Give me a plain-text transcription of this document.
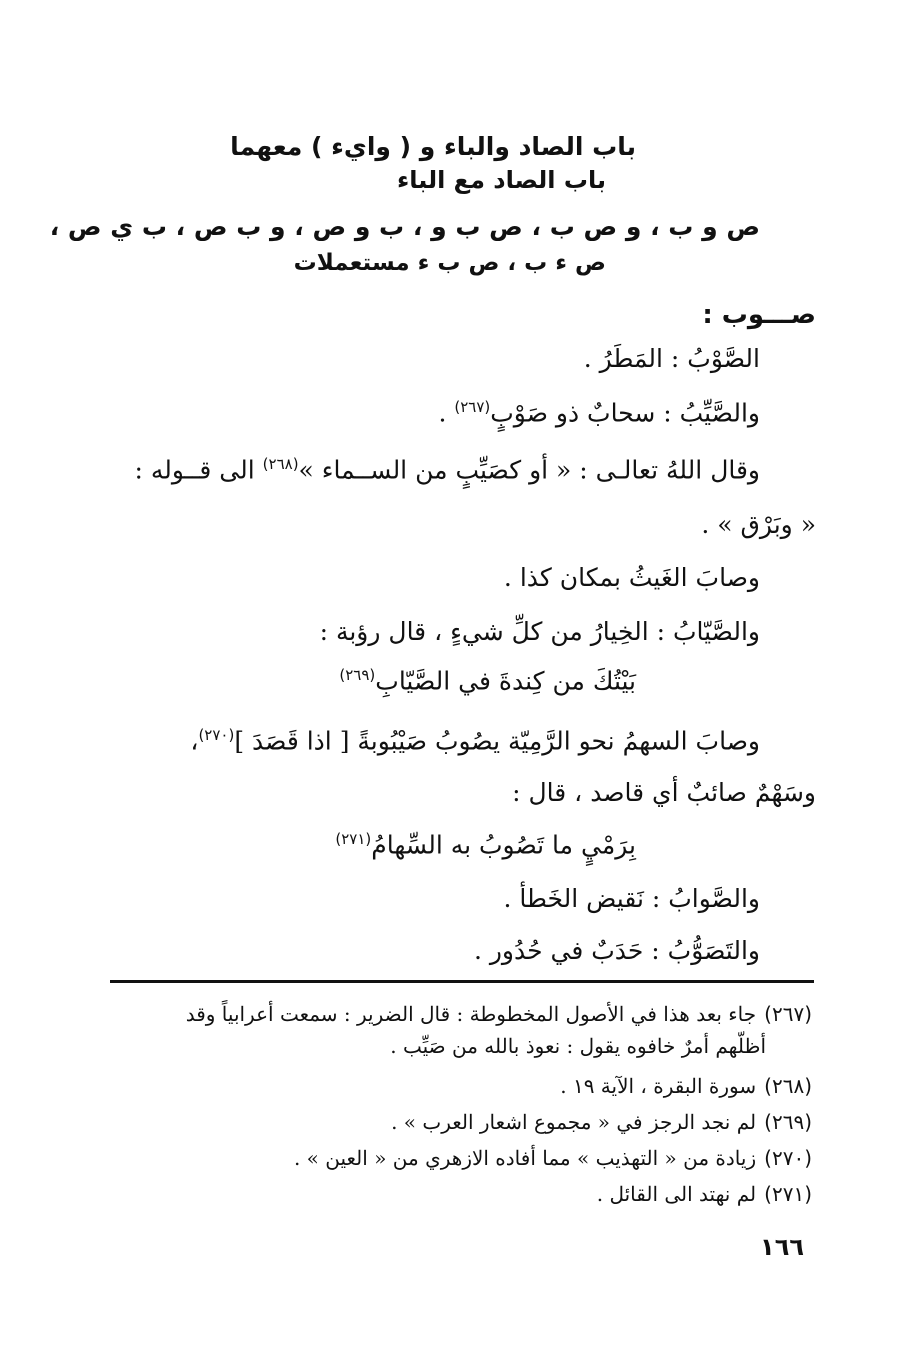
باب الصاد والباء و ( وايء ) معهما
باب الصاد مع الباء
ص و ب ، و ص ب ، ص ب و ، ب و ص ، و ب ص ، ب ي ص ،
ص ء ب ، ص ب ء مستعملات
صـــوب :
الصَّوْبُ : المَطَرُ .
والصَّيِّبُ : سحابٌ ذو صَوْبٍ$^{(٢٦٧)}$ .
وقال اللهُ تعالـى : « أو كصَيِّبٍ من الســماء »$^{(٢٦٨)}$ الى قــوله :
« وبَرْق » .
وصابَ الغَيثُ بمكان كذا .
والصَّيّابُ : الخِيارُ من كلِّ شيءٍ ، قال رؤبة :
بَيْتُكَ من كِندةَ في الصَّيّابِ$^{(٢٦٩)}$
وصابَ السهمُ نحو الرَّمِيّة يصُوبُ صَيْبُوبةً [ اذا قَصَدَ ]$^{(٢٧٠)}$،
وسَهْمٌ صائبٌ أي قاصد ، قال :
بِرَمْيٍ ما تَصُوبُ به السِّهامُ$^{(٢٧١)}$
والصَّوابُ : نَقيض الخَطأ .
والتَصَوُّبُ : حَدَبٌ في حُدُور .
(٢٦٧)جاء بعد هذا في الأصول المخطوطة : قال الضرير : سمعت أعرابياً وقد
أظلّهم أمرٌ خافوه يقول : نعوذ بالله من صَيِّب .
(٢٦٨)سورة البقرة ، الآية ١٩ .
(٢٦٩)لم نجد الرجز في « مجموع اشعار العرب » .
(٢٧٠)زيادة من « التهذيب » مما أفاده الازهري من « العين » .
(٢٧١)لم نهتد الى القائل .
١٦٦
